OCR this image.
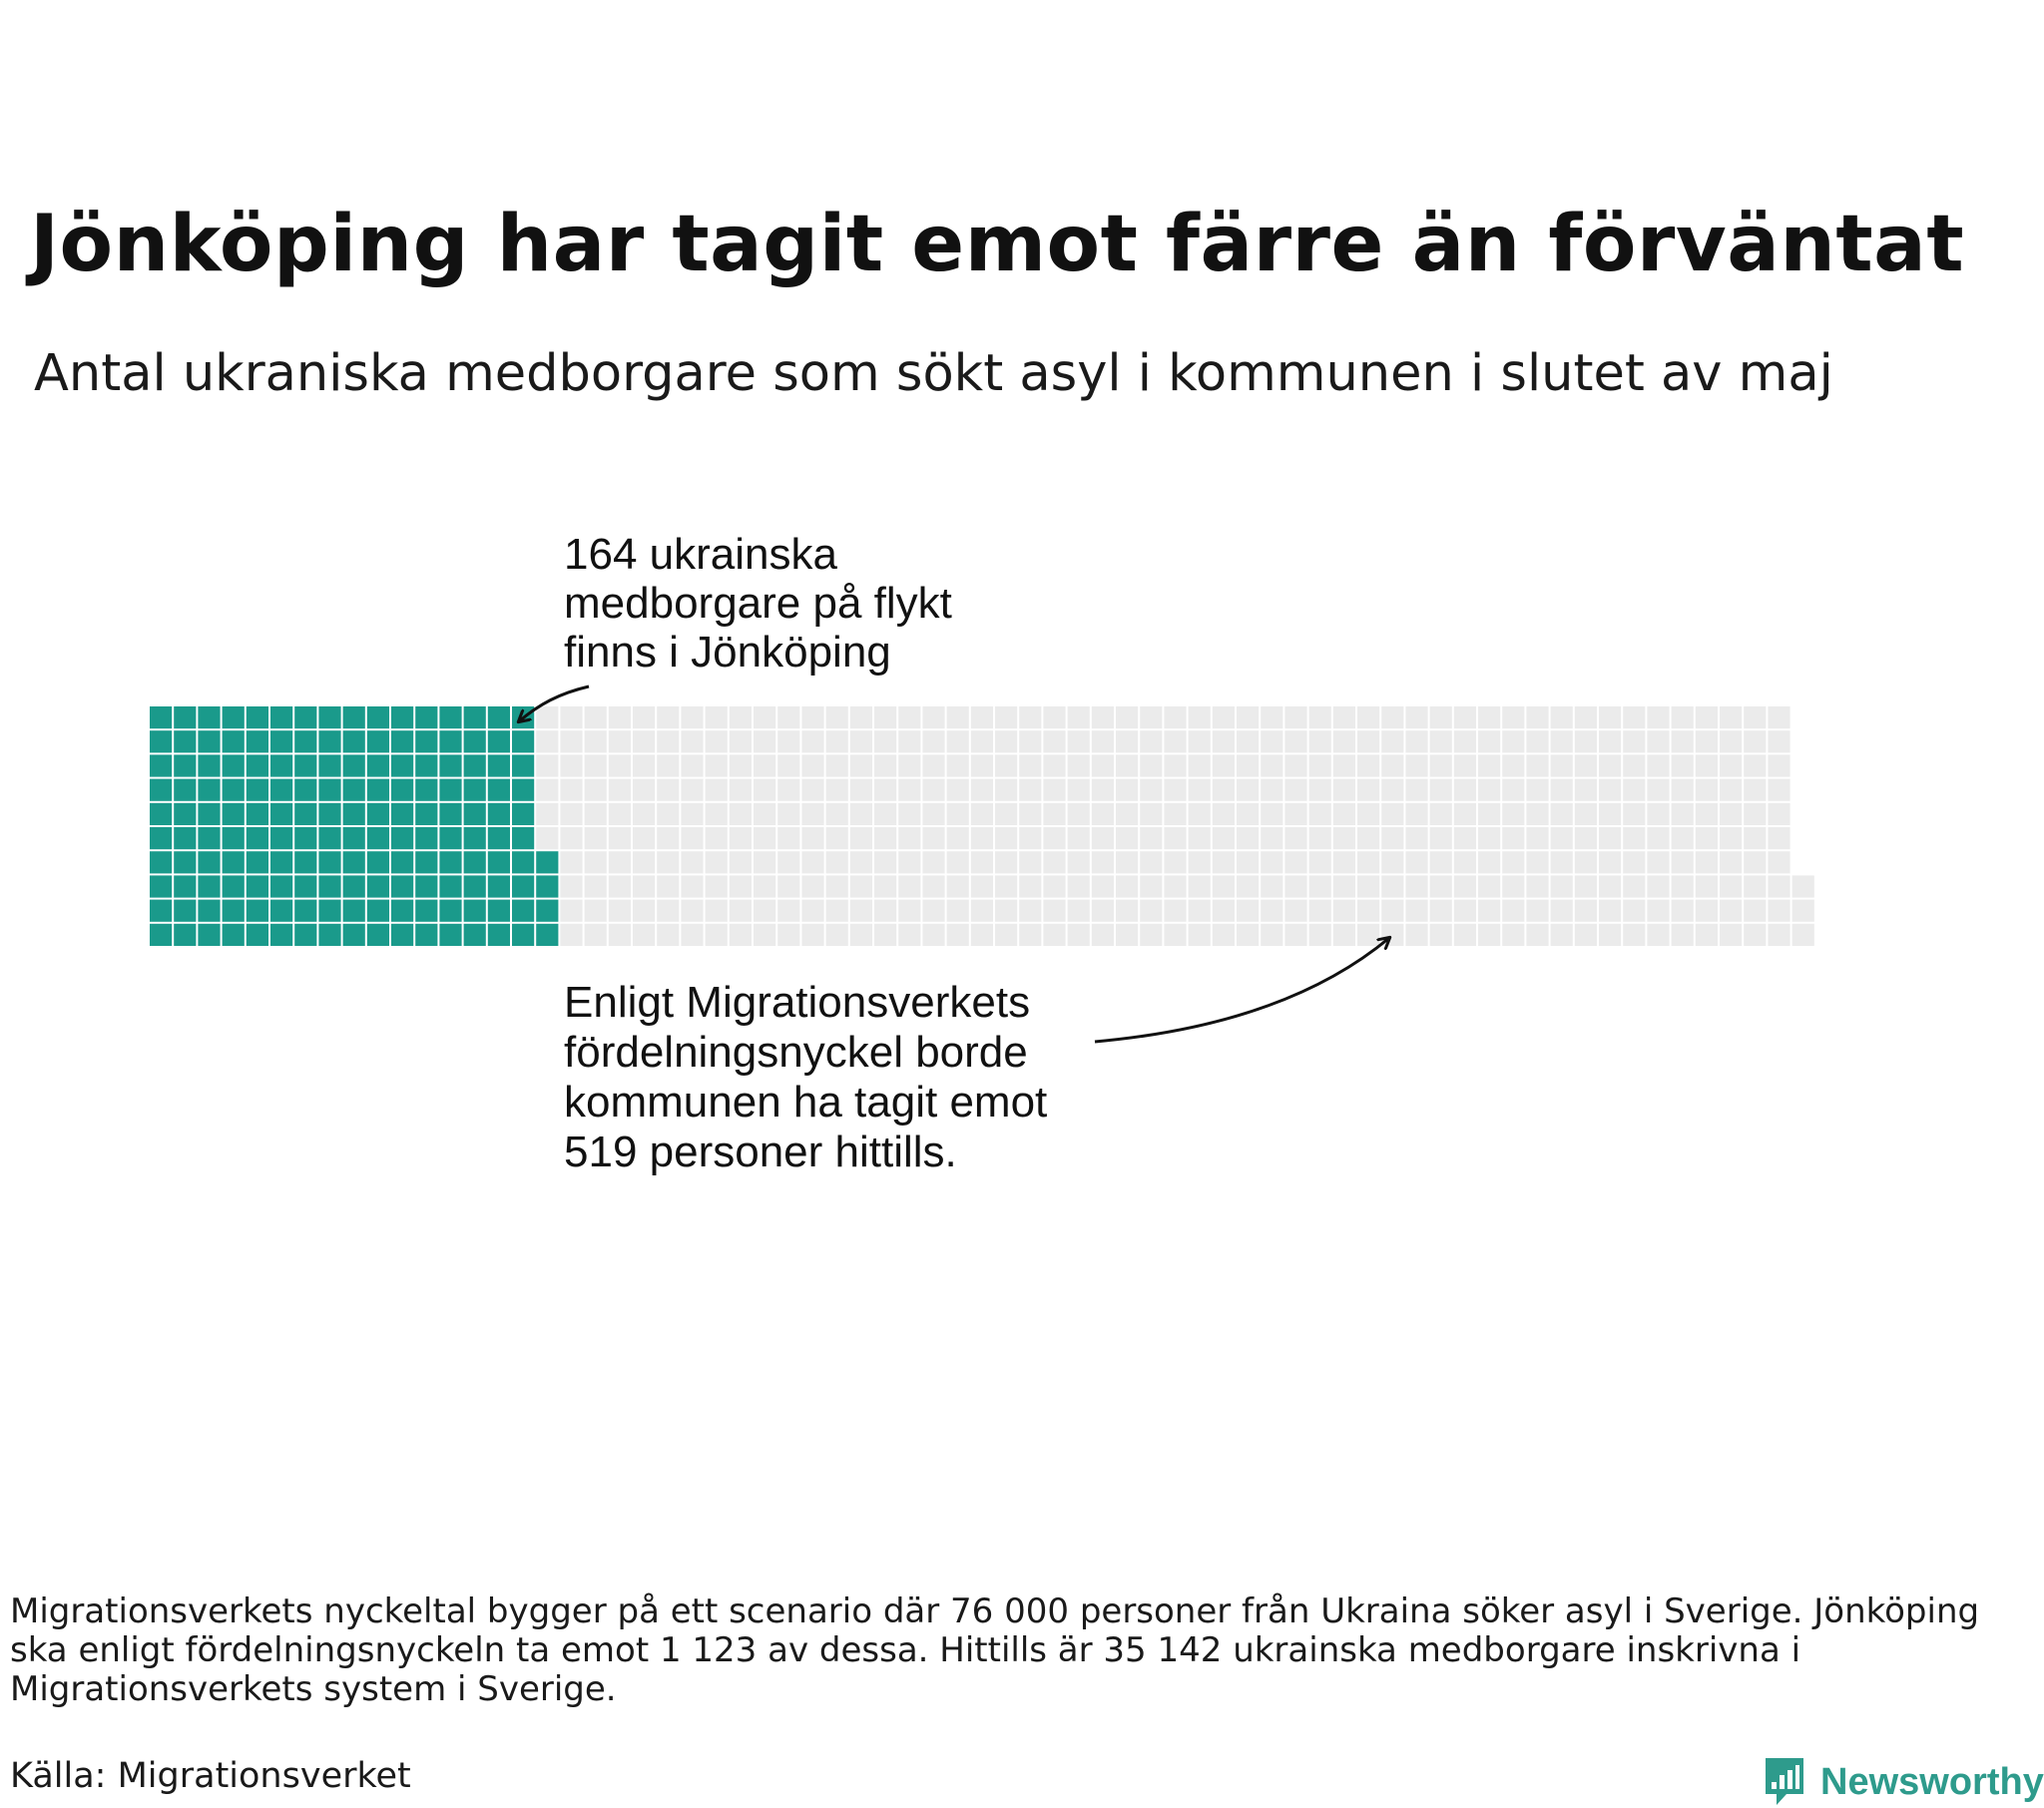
Jönköping har tagit emot färre än förväntat

Antal ukraniska medborgare som sökt asyl i kommunen i slutet av maj

164 ukrainska medborgare på flykt finns i Jönköping
Enligt Migrationsverkets fördelningsnyckel borde kommunen ha tagit emot 519 personer hittills.

Migrationsverkets nyckeltal bygger på ett scenario där 76 000 personer från Ukraina söker asyl i Sverige. Jönköping ska enligt fördelningsnyckeln ta emot 1 123 av dessa. Hittills är 35 142 ukrainska medborgare inskrivna i Migrationsverkets system i Sverige.

Källa: Migrationsverket	Newsworthy
